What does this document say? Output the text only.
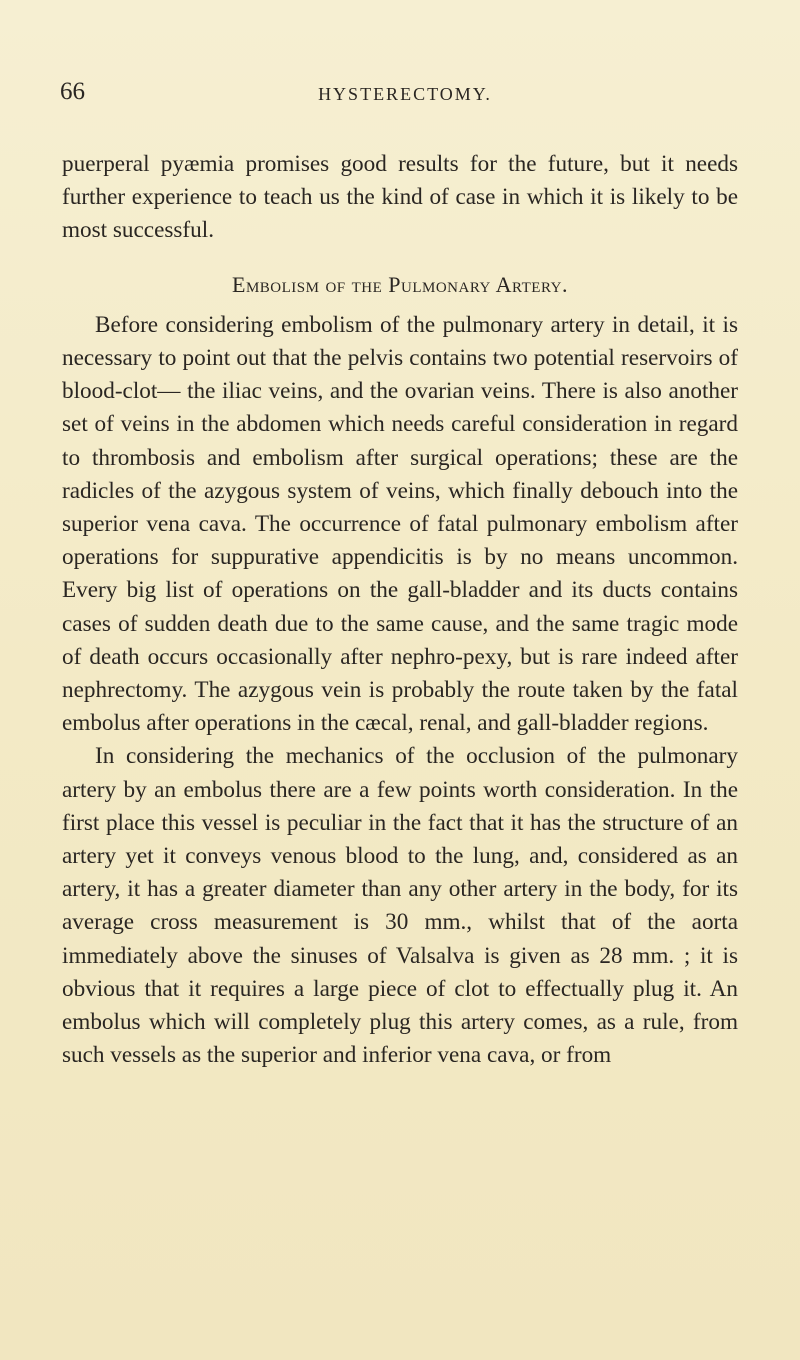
66	HYSTERECTOMY.

puerperal pyæmia promises good results for the future, but it needs further experience to teach us the kind of case in which it is likely to be most successful.

Embolism of the Pulmonary Artery.

Before considering embolism of the pulmonary artery in detail, it is necessary to point out that the pelvis contains two potential reservoirs of blood-clot— the iliac veins, and the ovarian veins. There is also another set of veins in the abdomen which needs careful consideration in regard to thrombosis and embolism after surgical operations; these are the radicles of the azygous system of veins, which finally debouch into the superior vena cava. The occurrence of fatal pulmonary embolism after operations for suppurative appendicitis is by no means uncommon. Every big list of operations on the gall-bladder and its ducts contains cases of sudden death due to the same cause, and the same tragic mode of death occurs occasionally after nephro-pexy, but is rare indeed after nephrectomy. The azygous vein is probably the route taken by the fatal embolus after operations in the cæcal, renal, and gall-bladder regions.

In considering the mechanics of the occlusion of the pulmonary artery by an embolus there are a few points worth consideration. In the first place this vessel is peculiar in the fact that it has the structure of an artery yet it conveys venous blood to the lung, and, considered as an artery, it has a greater diameter than any other artery in the body, for its average cross measurement is 30 mm., whilst that of the aorta immediately above the sinuses of Valsalva is given as 28 mm. ; it is obvious that it requires a large piece of clot to effectually plug it. An embolus which will completely plug this artery comes, as a rule, from such vessels as the superior and inferior vena cava, or from
